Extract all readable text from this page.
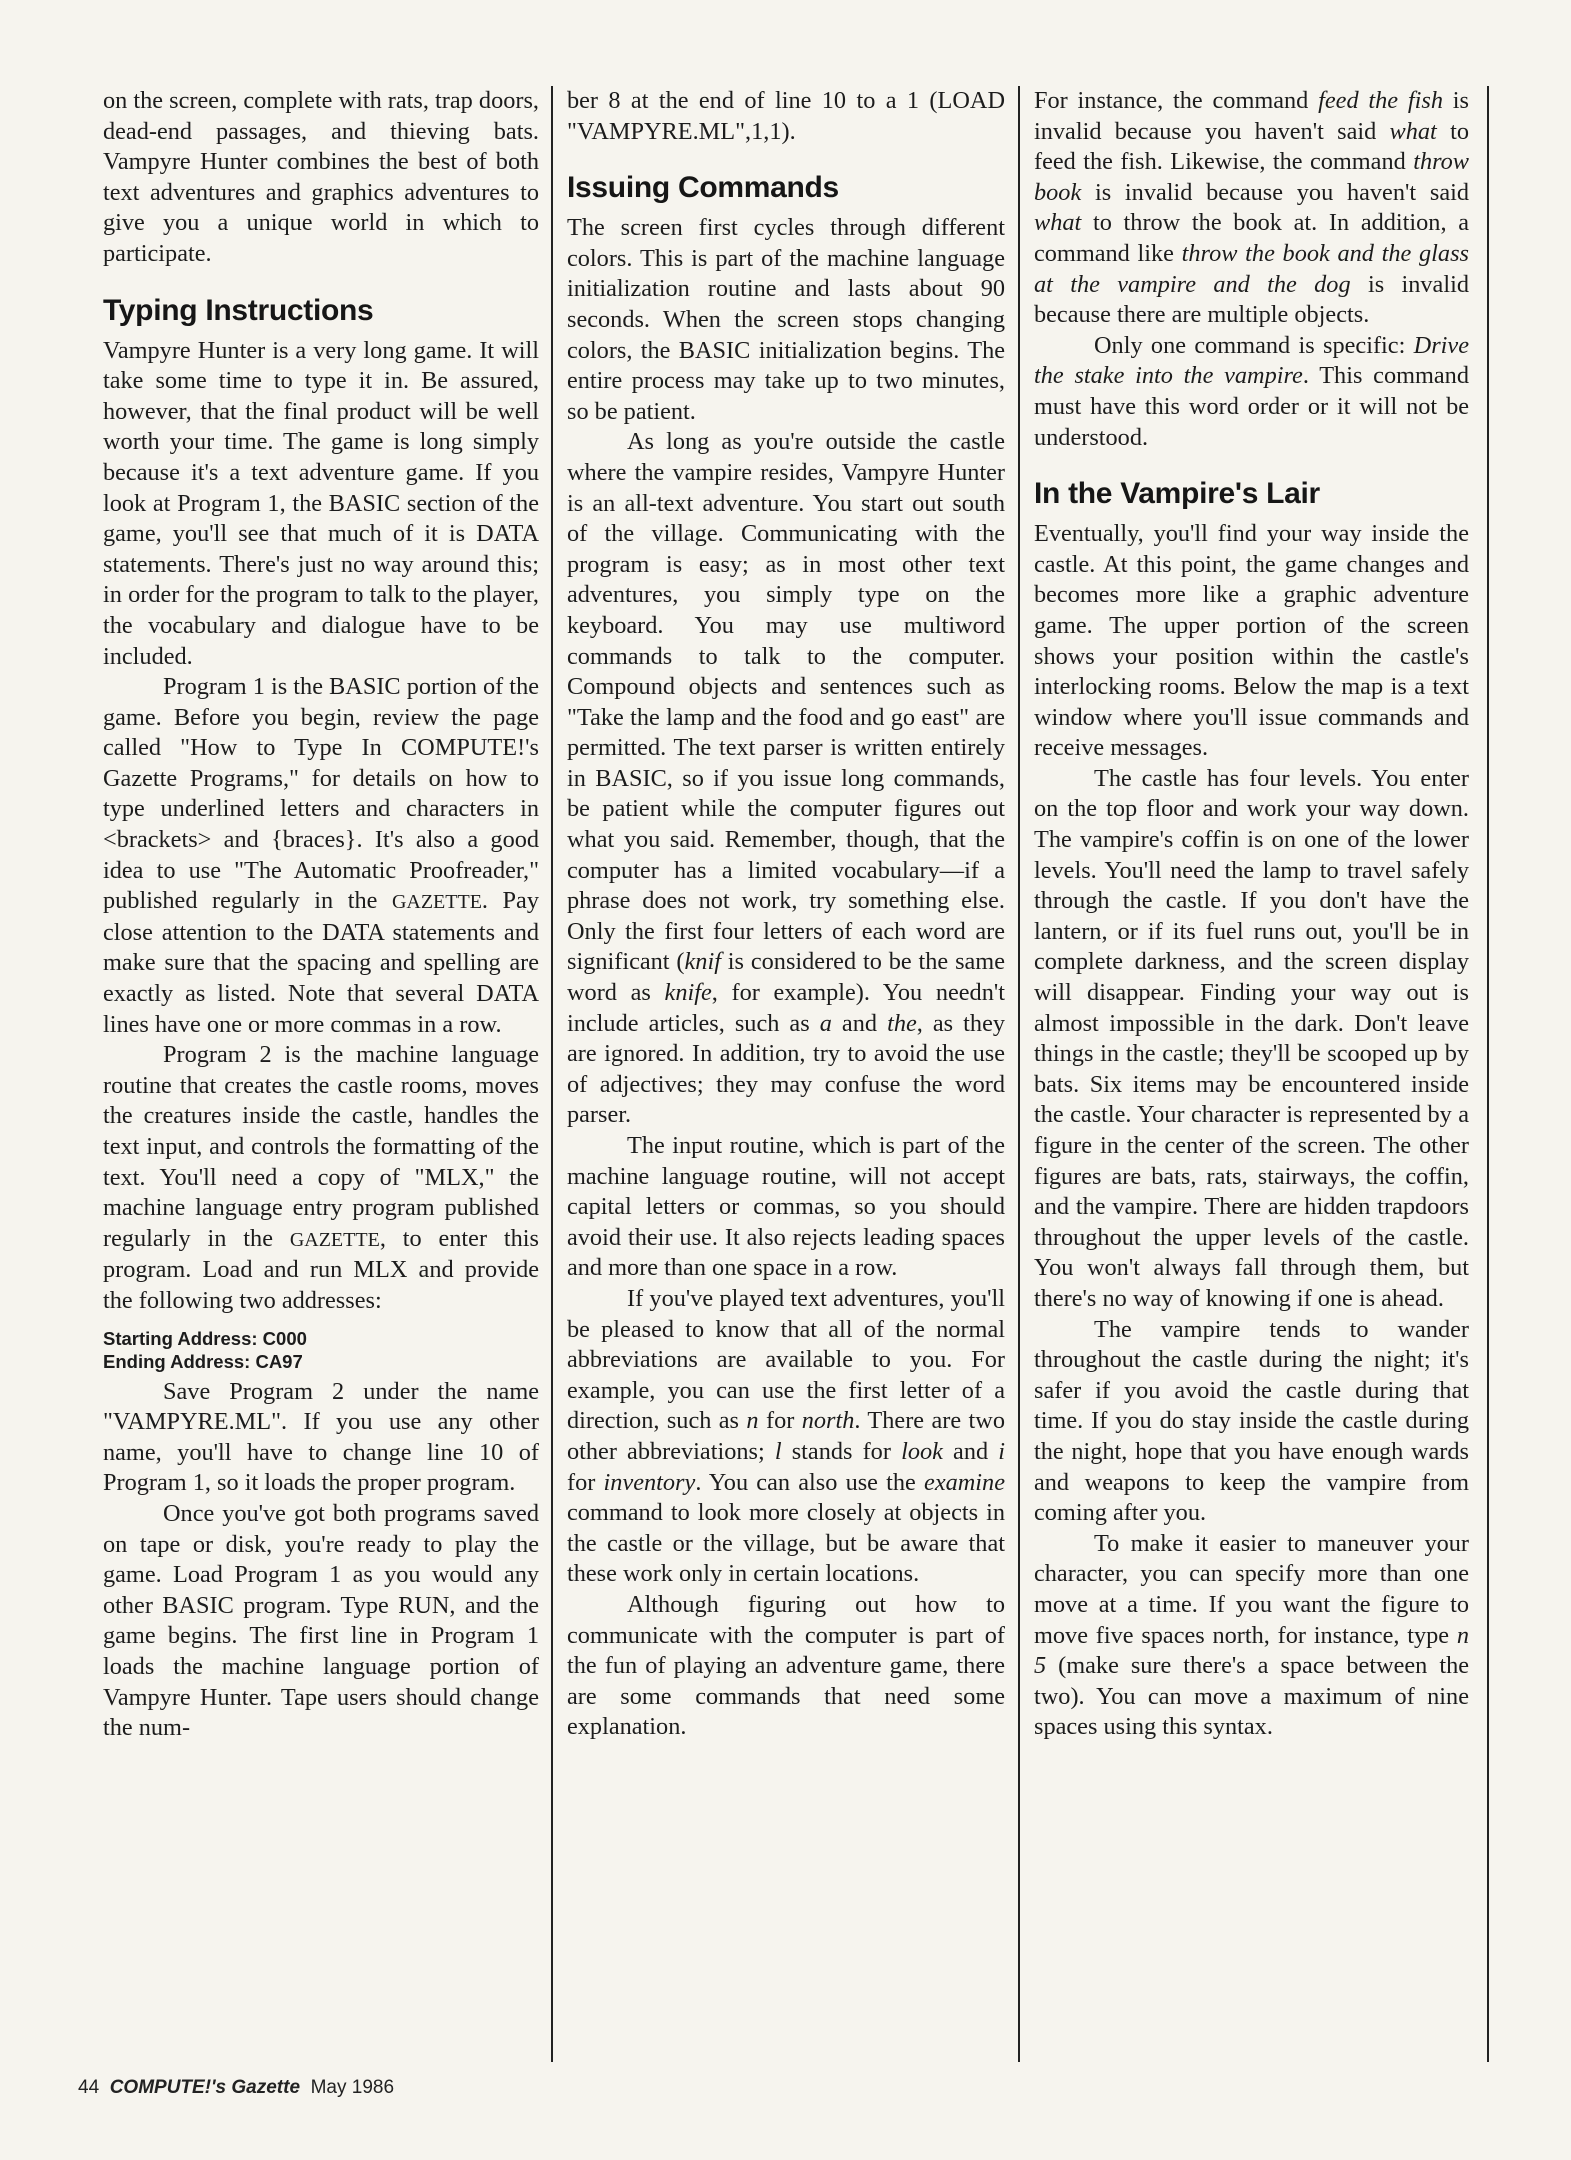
on the screen, complete with rats, trap doors, dead-end passages, and thieving bats. Vampyre Hunter combines the best of both text adventures and graphics adventures to give you a unique world in which to participate.

Typing Instructions

Vampyre Hunter is a very long game. It will take some time to type it in. Be assured, however, that the final product will be well worth your time. The game is long simply because it's a text adventure game. If you look at Program 1, the BASIC section of the game, you'll see that much of it is DATA statements. There's just no way around this; in order for the program to talk to the player, the vocabulary and dialogue have to be included.

Program 1 is the BASIC portion of the game. Before you begin, review the page called "How to Type In COMPUTE!'s Gazette Programs," for details on how to type underlined letters and characters in <brackets> and {braces}. It's also a good idea to use "The Automatic Proofreader," published regularly in the GAZETTE. Pay close attention to the DATA statements and make sure that the spacing and spelling are exactly as listed. Note that several DATA lines have one or more commas in a row.

Program 2 is the machine language routine that creates the castle rooms, moves the creatures inside the castle, handles the text input, and controls the formatting of the text. You'll need a copy of "MLX," the machine language entry program published regularly in the GAZETTE, to enter this program. Load and run MLX and provide the following two addresses:

Starting Address: C000
Ending Address: CA97

Save Program 2 under the name "VAMPYRE.ML". If you use any other name, you'll have to change line 10 of Program 1, so it loads the proper program.

Once you've got both programs saved on tape or disk, you're ready to play the game. Load Program 1 as you would any other BASIC program. Type RUN, and the game begins. The first line in Program 1 loads the machine language portion of Vampyre Hunter. Tape users should change the num-

ber 8 at the end of line 10 to a 1 (LOAD "VAMPYRE.ML",1,1).

Issuing Commands

The screen first cycles through different colors. This is part of the machine language initialization routine and lasts about 90 seconds. When the screen stops changing colors, the BASIC initialization begins. The entire process may take up to two minutes, so be patient.

As long as you're outside the castle where the vampire resides, Vampyre Hunter is an all-text adventure. You start out south of the village. Communicating with the program is easy; as in most other text adventures, you simply type on the keyboard. You may use multiword commands to talk to the computer. Compound objects and sentences such as "Take the lamp and the food and go east" are permitted. The text parser is written entirely in BASIC, so if you issue long commands, be patient while the computer figures out what you said. Remember, though, that the computer has a limited vocabulary—if a phrase does not work, try something else. Only the first four letters of each word are significant (knif is considered to be the same word as knife, for example). You needn't include articles, such as a and the, as they are ignored. In addition, try to avoid the use of adjectives; they may confuse the word parser.

The input routine, which is part of the machine language routine, will not accept capital letters or commas, so you should avoid their use. It also rejects leading spaces and more than one space in a row.

If you've played text adventures, you'll be pleased to know that all of the normal abbreviations are available to you. For example, you can use the first letter of a direction, such as n for north. There are two other abbreviations; l stands for look and i for inventory. You can also use the examine command to look more closely at objects in the castle or the village, but be aware that these work only in certain locations.

Although figuring out how to communicate with the computer is part of the fun of playing an adventure game, there are some commands that need some explanation.

For instance, the command feed the fish is invalid because you haven't said what to feed the fish. Likewise, the command throw book is invalid because you haven't said what to throw the book at. In addition, a command like throw the book and the glass at the vampire and the dog is invalid because there are multiple objects.

Only one command is specific: Drive the stake into the vampire. This command must have this word order or it will not be understood.

In the Vampire's Lair

Eventually, you'll find your way inside the castle. At this point, the game changes and becomes more like a graphic adventure game. The upper portion of the screen shows your position within the castle's interlocking rooms. Below the map is a text window where you'll issue commands and receive messages.

The castle has four levels. You enter on the top floor and work your way down. The vampire's coffin is on one of the lower levels. You'll need the lamp to travel safely through the castle. If you don't have the lantern, or if its fuel runs out, you'll be in complete darkness, and the screen display will disappear. Finding your way out is almost impossible in the dark. Don't leave things in the castle; they'll be scooped up by bats. Six items may be encountered inside the castle. Your character is represented by a figure in the center of the screen. The other figures are bats, rats, stairways, the coffin, and the vampire. There are hidden trapdoors throughout the upper levels of the castle. You won't always fall through them, but there's no way of knowing if one is ahead.

The vampire tends to wander throughout the castle during the night; it's safer if you avoid the castle during that time. If you do stay inside the castle during the night, hope that you have enough wards and weapons to keep the vampire from coming after you.

To make it easier to maneuver your character, you can specify more than one move at a time. If you want the figure to move five spaces north, for instance, type n 5 (make sure there's a space between the two). You can move a maximum of nine spaces using this syntax.

44 COMPUTE!'s Gazette May 1986
